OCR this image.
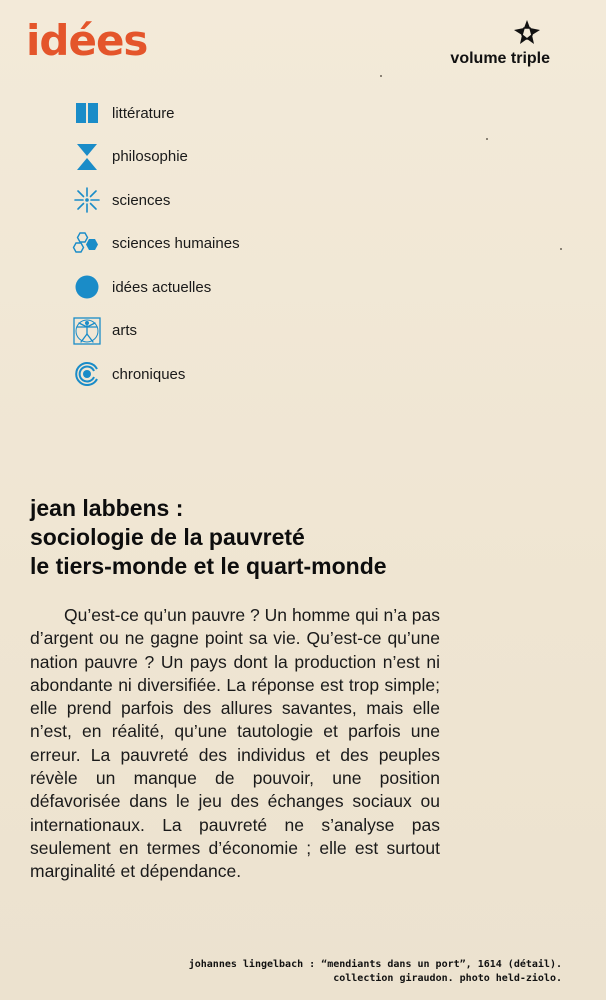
idées	volume triple
littérature
philosophie
sciences
sciences humaines
idées actuelles
arts
chroniques
jean labbens :
sociologie de la pauvreté
le tiers-monde et le quart-monde
Qu’est-ce qu’un pauvre ? Un homme qui n’a pas d’argent ou ne gagne point sa vie. Qu’est-ce qu’une nation pauvre ? Un pays dont la production n’est ni abondante ni diversifiée. La réponse est trop simple; elle prend parfois des allures savantes, mais elle n’est, en réalité, qu’une tautologie et parfois une erreur. La pauvreté des individus et des peuples révèle un manque de pouvoir, une position défavorisée dans le jeu des échanges sociaux ou internationaux. La pauvreté ne s’analyse pas seulement en termes d’économie ; elle est surtout marginalité et dépendance.
johannes lingelbach : “mendiants dans un port”, 1614 (détail).
collection giraudon. photo held-ziolo.
